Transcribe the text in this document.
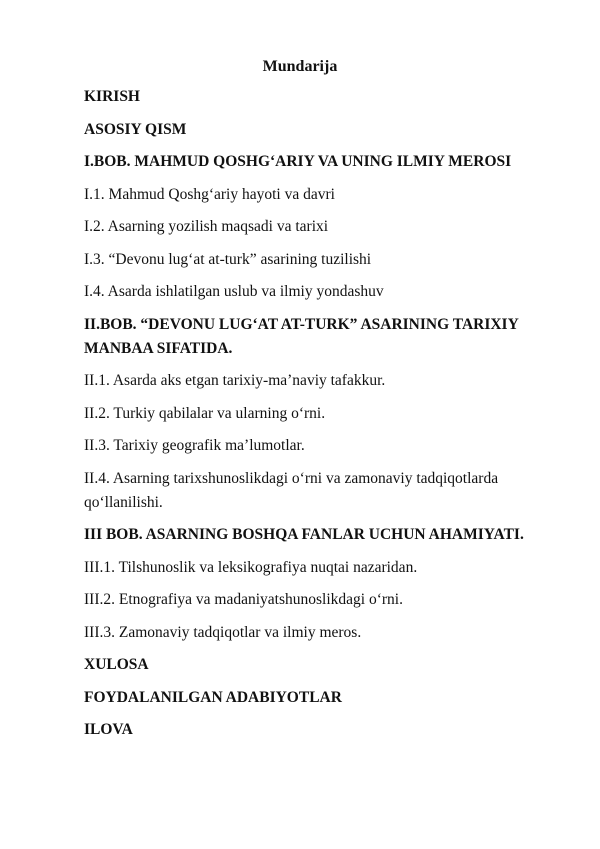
Mundarija
KIRISH
ASOSIY QISM
I.BOB. MAHMUD QOSHG‘ARIY VA UNING ILMIY MEROSI
I.1. Mahmud Qoshg‘ariy hayoti va davri
I.2. Asarning yozilish maqsadi va tarixi
I.3. “Devonu lug‘at at-turk” asarining tuzilishi
I.4. Asarda ishlatilgan uslub va ilmiy yondashuv
II.BOB. “DEVONU LUG‘AT AT-TURK” ASARINING TARIXIY MANBAA SIFATIDA.
II.1. Asarda aks etgan tarixiy-ma’naviy tafakkur.
II.2. Turkiy qabilalar va ularning o‘rni.
II.3. Tarixiy geografik ma’lumotlar.
II.4. Asarning tarixshunoslikdagi o‘rni va zamonaviy tadqiqotlarda qo‘llanilishi.
III BOB. ASARNING BOSHQA FANLAR UCHUN AHAMIYATI.
III.1. Tilshunoslik va leksikografiya nuqtai nazaridan.
III.2. Etnografiya va madaniyatshunoslikdagi o‘rni.
III.3. Zamonaviy tadqiqotlar va ilmiy meros.
XULOSA
FOYDALANILGAN ADABIYOTLAR
ILOVA
